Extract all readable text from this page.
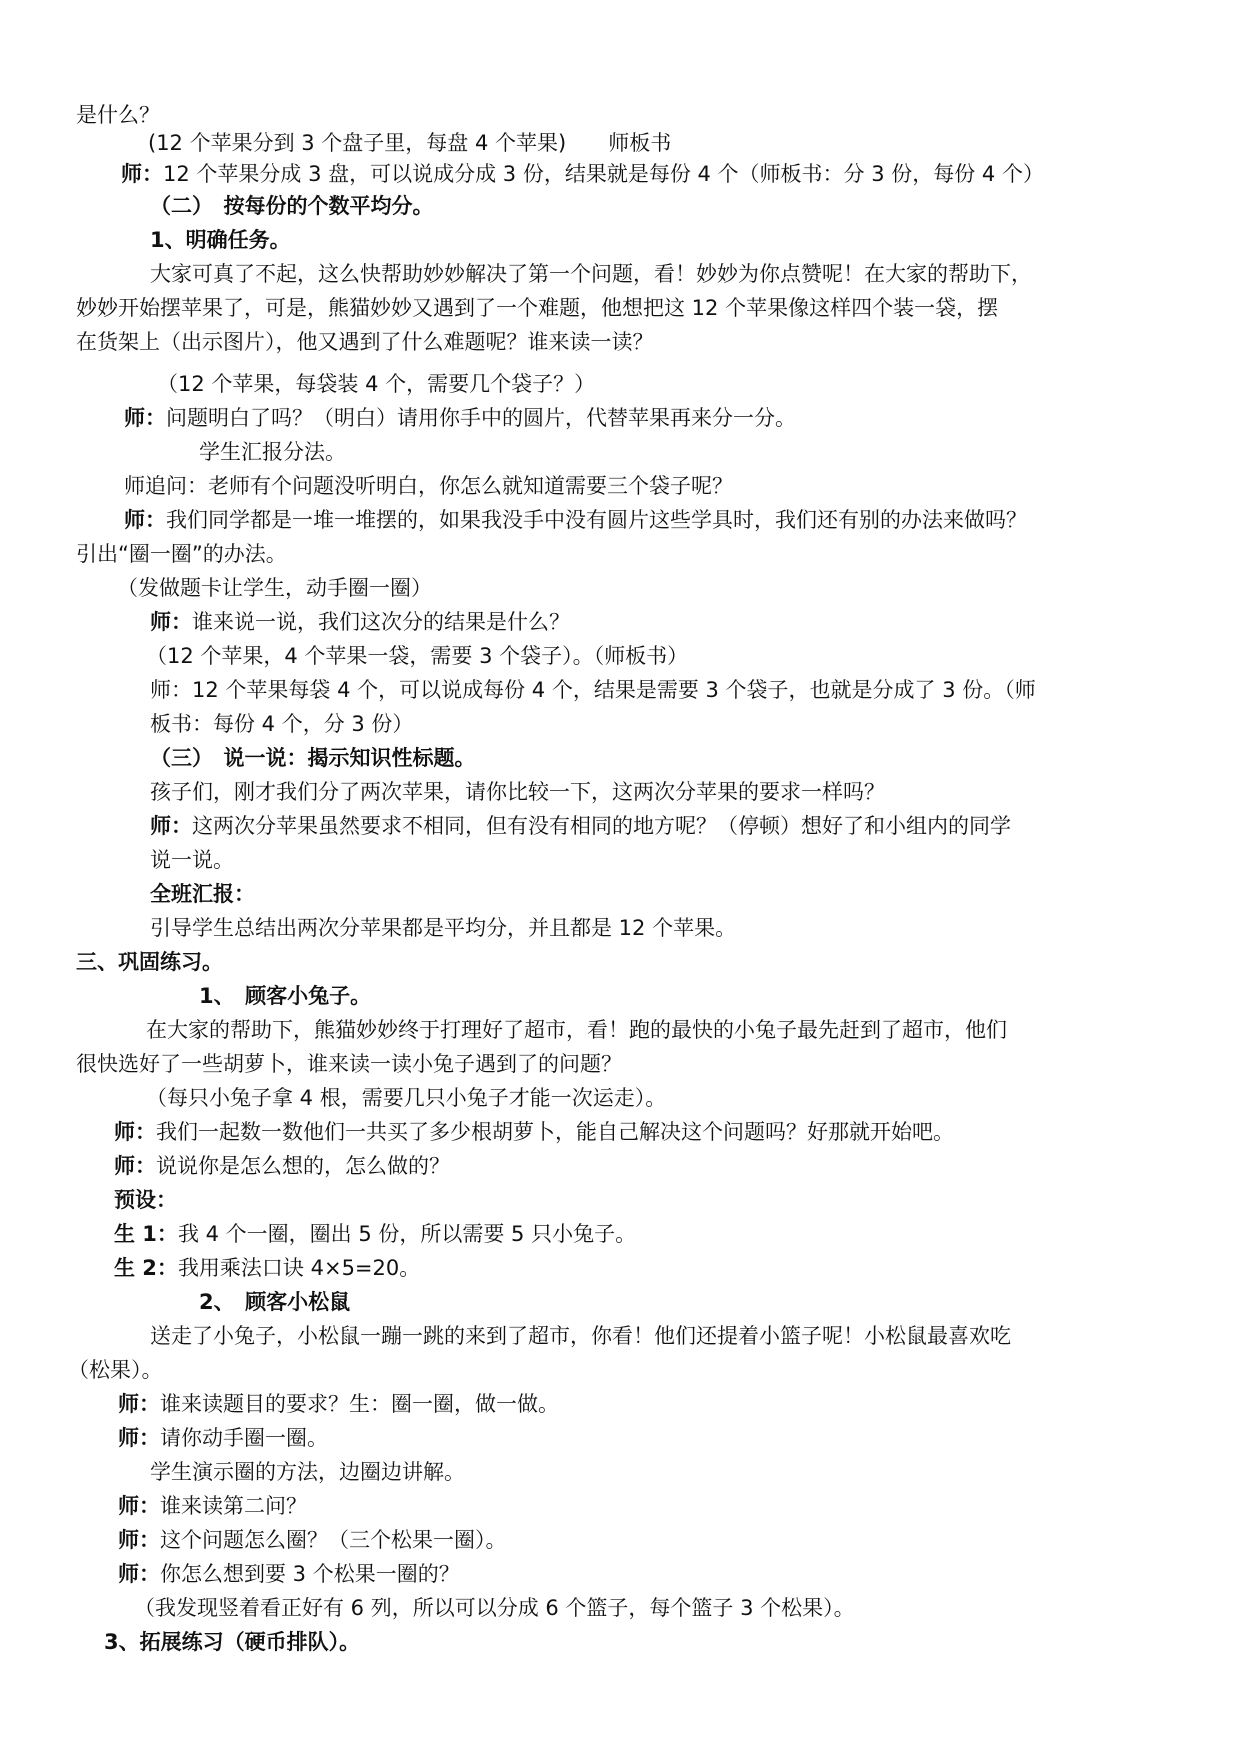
是什么？
(12 个苹果分到 3 个盘子里，每盘 4 个苹果)　　师板书
师：12 个苹果分成 3 盘，可以说成分成 3 份，结果就是每份 4 个（师板书：分 3 份，每份 4 个）
（二）　按每份的个数平均分。
1、明确任务。
大家可真了不起，这么快帮助妙妙解决了第一个问题，看！妙妙为你点赞呢！在大家的帮助下，
妙妙开始摆苹果了，可是，熊猫妙妙又遇到了一个难题，他想把这 12 个苹果像这样四个装一袋，摆
在货架上（出示图片），他又遇到了什么难题呢？谁来读一读？
（12 个苹果，每袋装 4 个，需要几个袋子？）
师：问题明白了吗？（明白）请用你手中的圆片，代替苹果再来分一分。
学生汇报分法。
师追问：老师有个问题没听明白，你怎么就知道需要三个袋子呢？
师：我们同学都是一堆一堆摆的，如果我没手中没有圆片这些学具时，我们还有别的办法来做吗？
引出“圈一圈”的办法。
（发做题卡让学生，动手圈一圈）
师：谁来说一说，我们这次分的结果是什么？
（12 个苹果，4 个苹果一袋，需要 3 个袋子）。（师板书）
师：12 个苹果每袋 4 个，可以说成每份 4 个，结果是需要 3 个袋子，也就是分成了 3 份。（师
板书：每份 4 个，分 3 份）
（三）　说一说：揭示知识性标题。
孩子们，刚才我们分了两次苹果，请你比较一下，这两次分苹果的要求一样吗？
师：这两次分苹果虽然要求不相同，但有没有相同的地方呢？（停顿）想好了和小组内的同学
说一说。
全班汇报：
引导学生总结出两次分苹果都是平均分，并且都是 12 个苹果。
三、巩固练习。
1、　顾客小兔子。
在大家的帮助下，熊猫妙妙终于打理好了超市，看！跑的最快的小兔子最先赶到了超市，他们
很快选好了一些胡萝卜，谁来读一读小兔子遇到了的问题？
（每只小兔子拿 4 根，需要几只小兔子才能一次运走）。
师：我们一起数一数他们一共买了多少根胡萝卜，能自己解决这个问题吗？好那就开始吧。
师：说说你是怎么想的，怎么做的？
预设：
生 1：我 4 个一圈，圈出 5 份，所以需要 5 只小兔子。
生 2：我用乘法口诀 4×5=20。
2、　顾客小松鼠
送走了小兔子，小松鼠一蹦一跳的来到了超市，你看！他们还提着小篮子呢！小松鼠最喜欢吃
（松果）。
师：谁来读题目的要求？生：圈一圈，做一做。
师：请你动手圈一圈。
学生演示圈的方法，边圈边讲解。
师：谁来读第二问？
师：这个问题怎么圈？（三个松果一圈）。
师：你怎么想到要 3 个松果一圈的？
（我发现竖着看正好有 6 列，所以可以分成 6 个篮子，每个篮子 3 个松果）。
3、拓展练习（硬币排队）。
